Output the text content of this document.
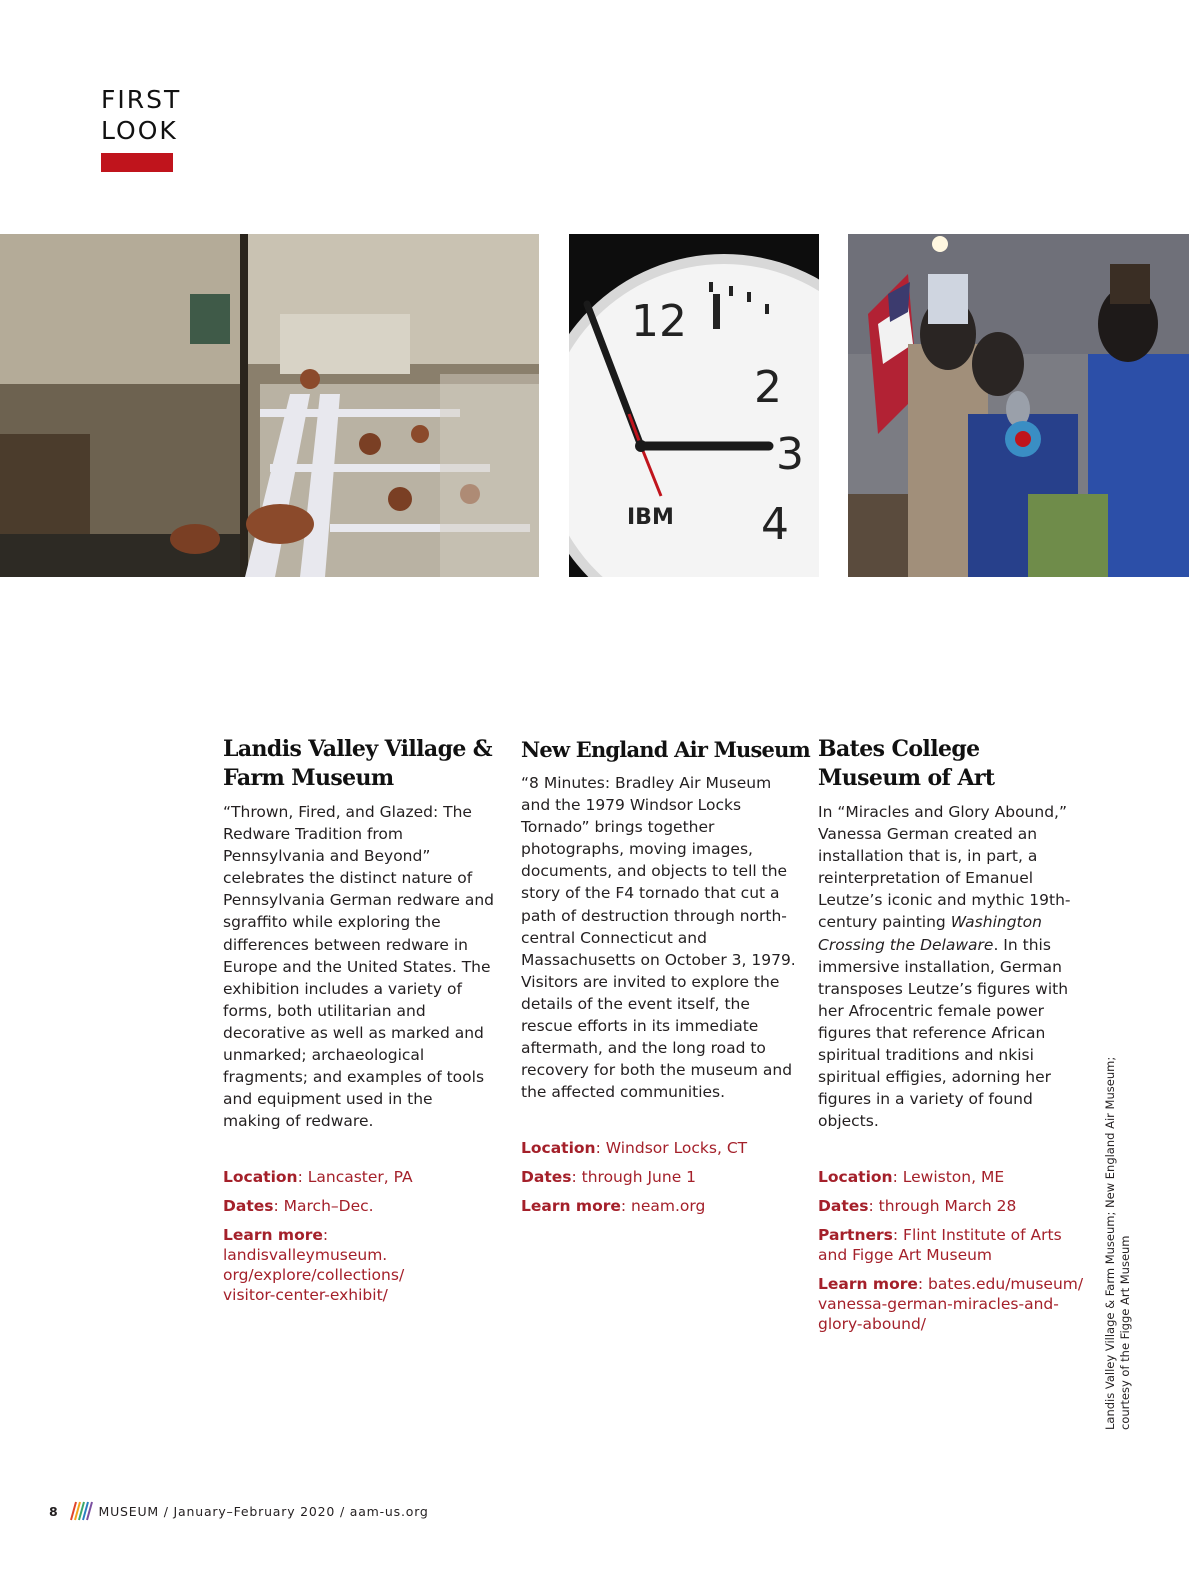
FIRST
LOOK
12
2
3
4
IBM
Landis Valley Village &
Farm Museum

“Thrown, Fired, and Glazed: The Redware Tradition from Pennsylvania and Beyond” celebrates the distinct nature of Pennsylvania German redware and sgraffito while exploring the differences between redware in Europe and the United States. The exhibition includes a variety of forms, both utilitarian and decorative as well as marked and unmarked; archaeological fragments; and examples of tools and equipment used in the making of redware.

Location: Lancaster, PA
Dates: March–Dec.
Learn more: landisvalleymuseum.
org/explore/collections/
visitor-center-exhibit/
New England Air Museum

“8 Minutes: Bradley Air Museum and the 1979 Windsor Locks Tornado” brings together photographs, moving images, documents, and objects to tell the story of the F4 tornado that cut a path of destruction through north-central Connecticut and Massachusetts on October 3, 1979. Visitors are invited to explore the details of the event itself, the rescue efforts in its immediate aftermath, and the long road to recovery for both the museum and the affected communities.

Location: Windsor Locks, CT
Dates: through June 1
Learn more: neam.org
Bates College
Museum of Art

In “Miracles and Glory Abound,” Vanessa German created an installation that is, in part, a reinterpretation of Emanuel Leutze’s iconic and mythic 19th-century painting Washington Crossing the Delaware. In this immersive installation, German transposes Leutze’s figures with her Afrocentric female power figures that reference African spiritual traditions and nkisi spiritual effigies, adorning her figures in a variety of found objects.

Location: Lewiston, ME
Dates: through March 28
Partners: Flint Institute of Arts and Figge Art Museum
Learn more: bates.edu/museum/
vanessa-german-miracles-and-
glory-abound/	Landis Valley Village & Farm Museum; New England Air Museum; courtesy of the Figge Art Museum
8	MUSEUM / January–February 2020 / aam-us.org
